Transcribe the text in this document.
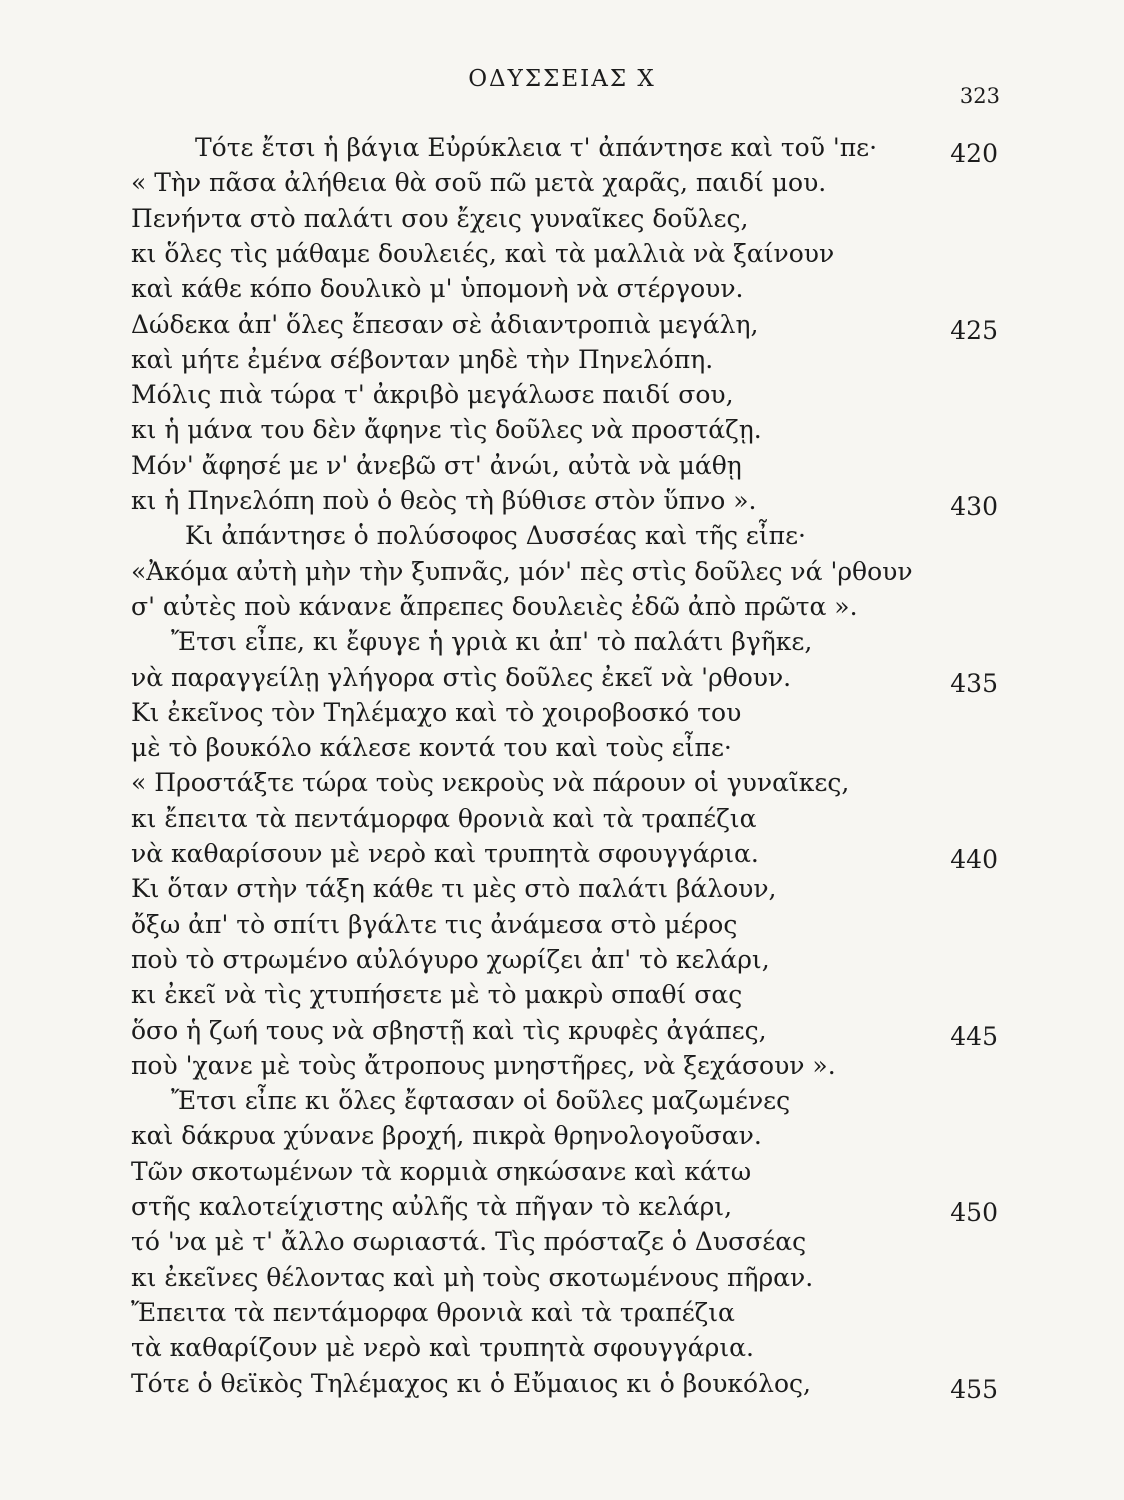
ΟΔΥΣΣΕΙΑΣ Χ
323
Τότε ἔτσι ἡ βάγια Εὐρύκλεια τ' ἀπάντησε καὶ τοῦ 'πε·
« Τὴν πᾶσα ἀλήθεια θὰ σοῦ πῶ μετὰ χαρᾶς, παιδί μου.
Πενήντα στὸ παλάτι σου ἔχεις γυναῖκες δοῦλες,
κι ὅλες τὶς μάθαμε δουλειές, καὶ τὰ μαλλιὰ νὰ ξαίνουν
καὶ κάθε κόπο δουλικὸ μ' ὑπομονὴ νὰ στέργουν.
Δώδεκα ἀπ' ὅλες ἔπεσαν σὲ ἀδιαντροπιὰ μεγάλη,
καὶ μήτε ἐμένα σέβονταν μηδὲ τὴν Πηνελόπη.
Μόλις πιὰ τώρα τ' ἀκριβὸ μεγάλωσε παιδί σου,
κι ἡ μάνα του δὲν ἄφηνε τὶς δοῦλες νὰ προστάζῃ.
Μόν' ἄφησέ με ν' ἀνεβῶ στ' ἀνώι, αὐτὰ νὰ μάθῃ
κι ἡ Πηνελόπη ποὺ ὁ θεὸς τὴ βύθισε στὸν ὕπνο ».
Κι ἀπάντησε ὁ πολύσοφος Δυσσέας καὶ τῆς εἶπε·
«Ἀκόμα αὐτὴ μὴν τὴν ξυπνᾶς, μόν' πὲς στὶς δοῦλες νά 'ρθουν
σ' αὐτὲς ποὺ κάνανε ἄπρεπες δουλειὲς ἐδῶ ἀπὸ πρῶτα ».
Ἔτσι εἶπε, κι ἔφυγε ἡ γριὰ κι ἀπ' τὸ παλάτι βγῆκε,
νὰ παραγγείλῃ γλήγορα στὶς δοῦλες ἐκεῖ νὰ 'ρθουν.
Κι ἐκεῖνος τὸν Τηλέμαχο καὶ τὸ χοιροβοσκό του
μὲ τὸ βουκόλο κάλεσε κοντά του καὶ τοὺς εἶπε·
« Προστάξτε τώρα τοὺς νεκροὺς νὰ πάρουν οἱ γυναῖκες,
κι ἔπειτα τὰ πεντάμορφα θρονιὰ καὶ τὰ τραπέζια
νὰ καθαρίσουν μὲ νερὸ καὶ τρυπητὰ σφουγγάρια.
Κι ὅταν στὴν τάξη κάθε τι μὲς στὸ παλάτι βάλουν,
ὄξω ἀπ' τὸ σπίτι βγάλτε τις ἀνάμεσα στὸ μέρος
ποὺ τὸ στρωμένο αὐλόγυρο χωρίζει ἀπ' τὸ κελάρι,
κι ἐκεῖ νὰ τὶς χτυπήσετε μὲ τὸ μακρὺ σπαθί σας
ὅσο ἡ ζωή τους νὰ σβηστῇ καὶ τὶς κρυφὲς ἀγάπες,
ποὺ 'χανε μὲ τοὺς ἄτροπους μνηστῆρες, νὰ ξεχάσουν ».
Ἔτσι εἶπε κι ὅλες ἔφτασαν οἱ δοῦλες μαζωμένες
καὶ δάκρυα χύνανε βροχή, πικρὰ θρηνολογοῦσαν.
Τῶν σκοτωμένων τὰ κορμιὰ σηκώσανε καὶ κάτω
στῆς καλοτείχιστης αὐλῆς τὰ πῆγαν τὸ κελάρι,
τό 'να μὲ τ' ἄλλο σωριαστά. Τὶς πρόσταζε ὁ Δυσσέας
κι ἐκεῖνες θέλοντας καὶ μὴ τοὺς σκοτωμένους πῆραν.
Ἔπειτα τὰ πεντάμορφα θρονιὰ καὶ τὰ τραπέζια
τὰ καθαρίζουν μὲ νερὸ καὶ τρυπητὰ σφουγγάρια.
Τότε ὁ θεϊκὸς Τηλέμαχος κι ὁ Εὔμαιος κι ὁ βουκόλος,
420
425
430
435
440
445
450
455
